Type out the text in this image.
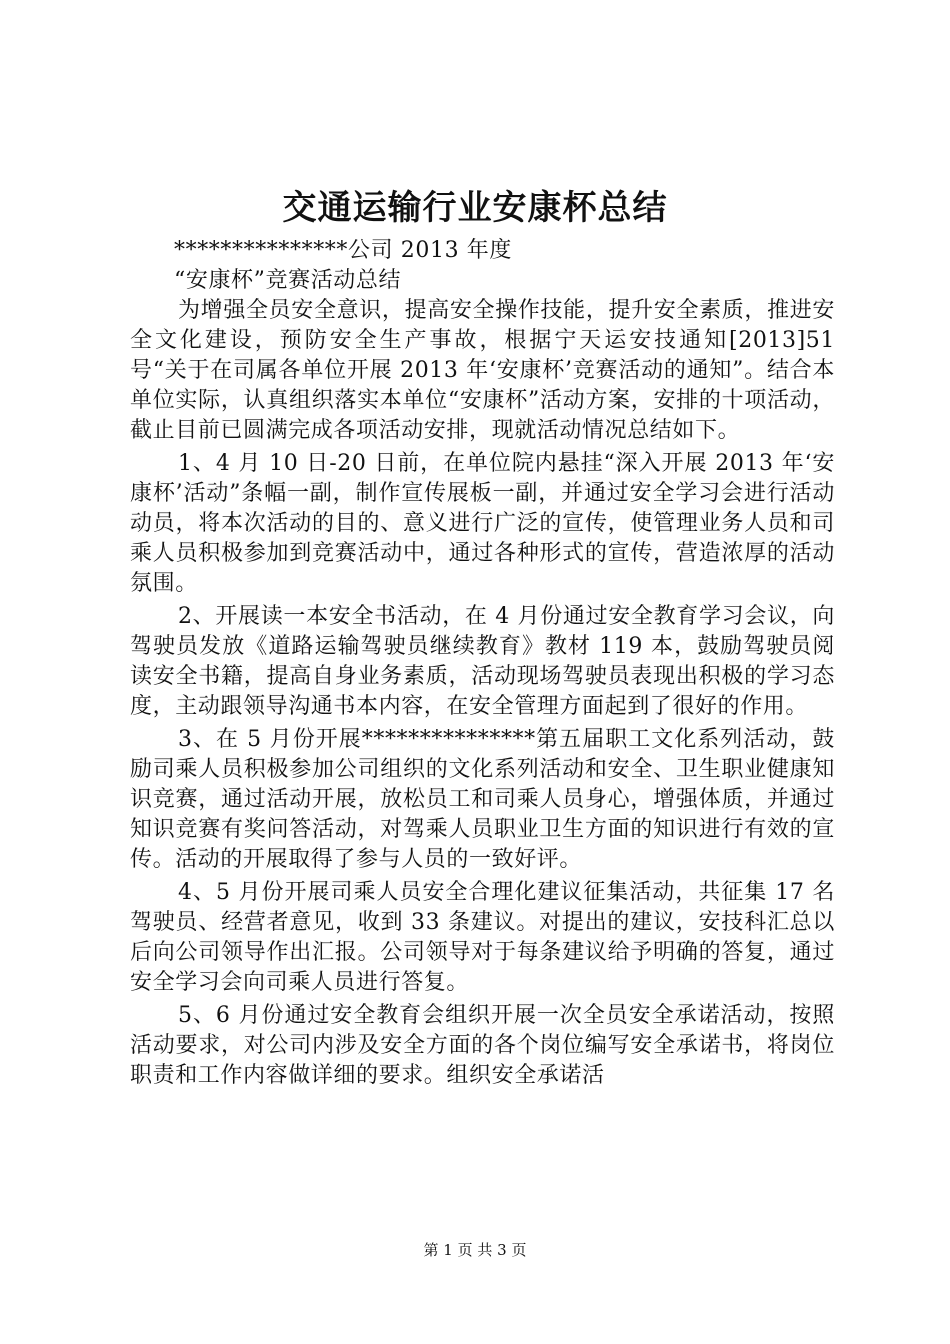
交通运输行业安康杯总结

***************公司 2013 年度

“安康杯”竞赛活动总结

为增强全员安全意识，提高安全操作技能，提升安全素质，推进安全文化建设，预防安全生产事故，根据宁天运安技通知[2013]51 号“关于在司属各单位开展 2013 年‘安康杯’竞赛活动的通知”。结合本单位实际，认真组织落实本单位“安康杯”活动方案，安排的十项活动，截止目前已圆满完成各项活动安排，现就活动情况总结如下。

1、4 月 10 日-20 日前，在单位院内悬挂“深入开展 2013 年‘安康杯’活动”条幅一副，制作宣传展板一副，并通过安全学习会进行活动动员，将本次活动的目的、意义进行广泛的宣传，使管理业务人员和司乘人员积极参加到竞赛活动中，通过各种形式的宣传，营造浓厚的活动氛围。

2、开展读一本安全书活动，在 4 月份通过安全教育学习会议，向驾驶员发放《道路运输驾驶员继续教育》教材 119 本，鼓励驾驶员阅读安全书籍，提高自身业务素质，活动现场驾驶员表现出积极的学习态度，主动跟领导沟通书本内容，在安全管理方面起到了很好的作用。

3、在 5 月份开展***************第五届职工文化系列活动，鼓励司乘人员积极参加公司组织的文化系列活动和安全、卫生职业健康知识竞赛，通过活动开展，放松员工和司乘人员身心，增强体质，并通过知识竞赛有奖问答活动，对驾乘人员职业卫生方面的知识进行有效的宣传。活动的开展取得了参与人员的一致好评。

4、5 月份开展司乘人员安全合理化建议征集活动，共征集 17 名驾驶员、经营者意见，收到 33 条建议。对提出的建议，安技科汇总以后向公司领导作出汇报。公司领导对于每条建议给予明确的答复，通过安全学习会向司乘人员进行答复。

5、6 月份通过安全教育会组织开展一次全员安全承诺活动，按照活动要求，对公司内涉及安全方面的各个岗位编写安全承诺书，将岗位职责和工作内容做详细的要求。组织安全承诺活

第 1 页 共 3 页
